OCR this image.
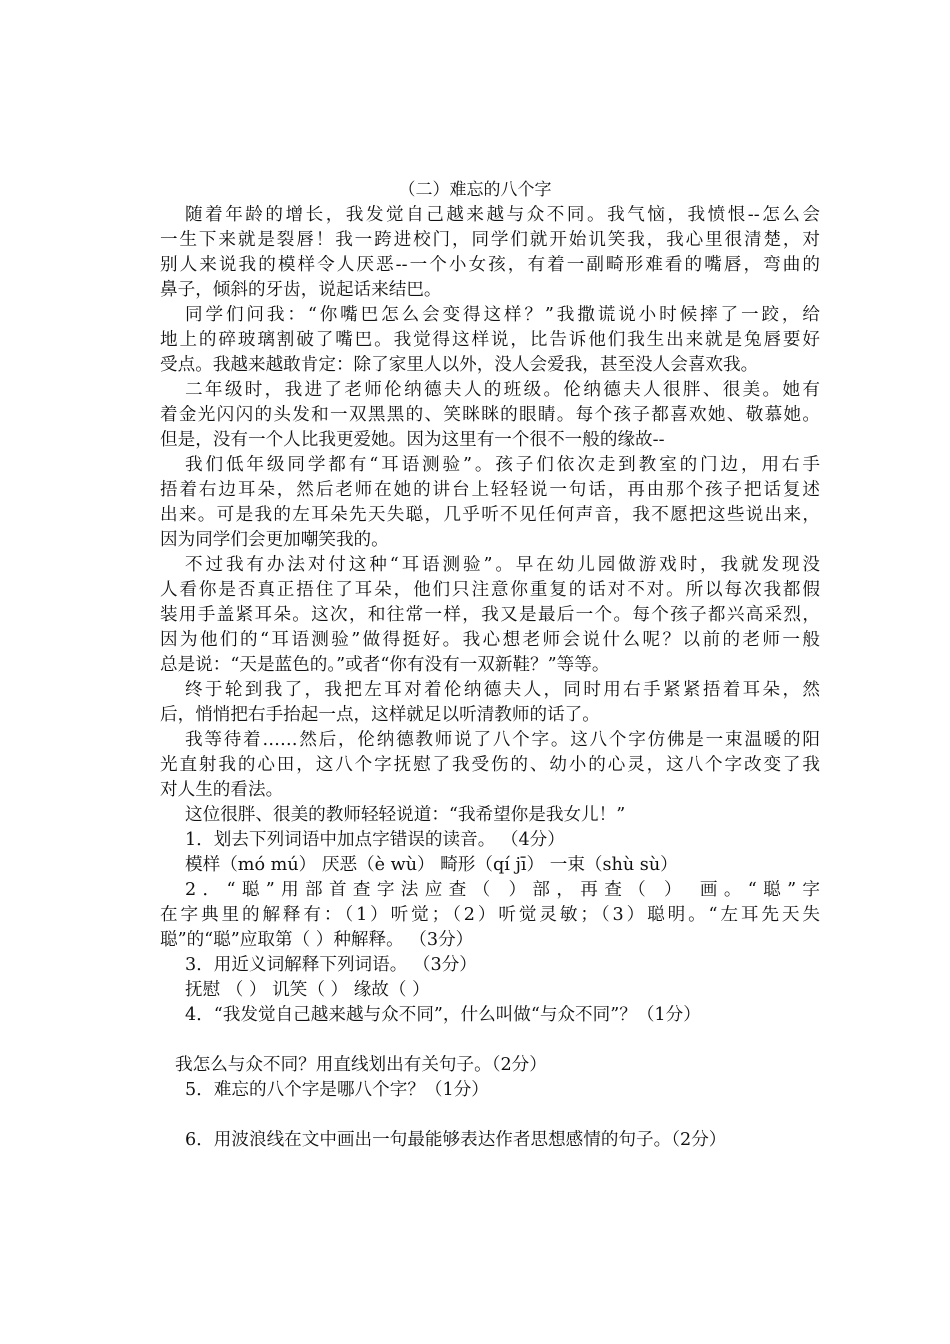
（二）难忘的八个字
随着年龄的增长，我发觉自己越来越与众不同。我气恼，我愤恨--怎么会
一生下来就是裂唇！我一跨进校门，同学们就开始讥笑我，我心里很清楚，对
别人来说我的模样令人厌恶--一个小女孩，有着一副畸形难看的嘴唇，弯曲的
鼻子，倾斜的牙齿，说起话来结巴。
同学们问我：“你嘴巴怎么会变得这样？”我撒谎说小时候摔了一跤，给
地上的碎玻璃割破了嘴巴。我觉得这样说，比告诉他们我生出来就是兔唇要好
受点。我越来越敢肯定：除了家里人以外，没人会爱我，甚至没人会喜欢我。
二年级时，我进了老师伦纳德夫人的班级。伦纳德夫人很胖、很美。她有
着金光闪闪的头发和一双黑黑的、笑眯眯的眼睛。每个孩子都喜欢她、敬慕她。
但是，没有一个人比我更爱她。因为这里有一个很不一般的缘故--
我们低年级同学都有“耳语测验”。孩子们依次走到教室的门边，用右手
捂着右边耳朵，然后老师在她的讲台上轻轻说一句话，再由那个孩子把话复述
出来。可是我的左耳朵先天失聪，几乎听不见任何声音，我不愿把这些说出来，
因为同学们会更加嘲笑我的。
不过我有办法对付这种“耳语测验”。早在幼儿园做游戏时，我就发现没
人看你是否真正捂住了耳朵，他们只注意你重复的话对不对。所以每次我都假
装用手盖紧耳朵。这次，和往常一样，我又是最后一个。每个孩子都兴高采烈，
因为他们的“耳语测验”做得挺好。我心想老师会说什么呢？以前的老师一般
总是说：“天是蓝色的。”或者“你有没有一双新鞋？”等等。
终于轮到我了，我把左耳对着伦纳德夫人，同时用右手紧紧捂着耳朵，然
后，悄悄把右手抬起一点，这样就足以听清教师的话了。
我等待着……然后，伦纳德教师说了八个字。这八个字仿佛是一束温暖的阳
光直射我的心田，这八个字抚慰了我受伤的、幼小的心灵，这八个字改变了我
对人生的看法。
这位很胖、很美的教师轻轻说道：“我希望你是我女儿！”
1．划去下列词语中加点字错误的读音。 （4分）
模样（mó mú） 厌恶（è wù） 畸形（qí jī） 一束（shù sù）
2．“聪”用部首查字法应查（ ）部，再查（ ） 画。“聪”字
在字典里的解释有：（1）听觉；（2）听觉灵敏；（3）聪明。“左耳先天失
聪”的“聪”应取第（ ）种解释。 （3分）
3．用近义词解释下列词语。 （3分）
抚慰 （ ） 讥笑（ ） 缘故（ ）
4．“我发觉自己越来越与众不同”，什么叫做“与众不同”？（1分）
我怎么与众不同？用直线划出有关句子。（2分）
5．难忘的八个字是哪八个字？（1分）
6．用波浪线在文中画出一句最能够表达作者思想感情的句子。（2分）
